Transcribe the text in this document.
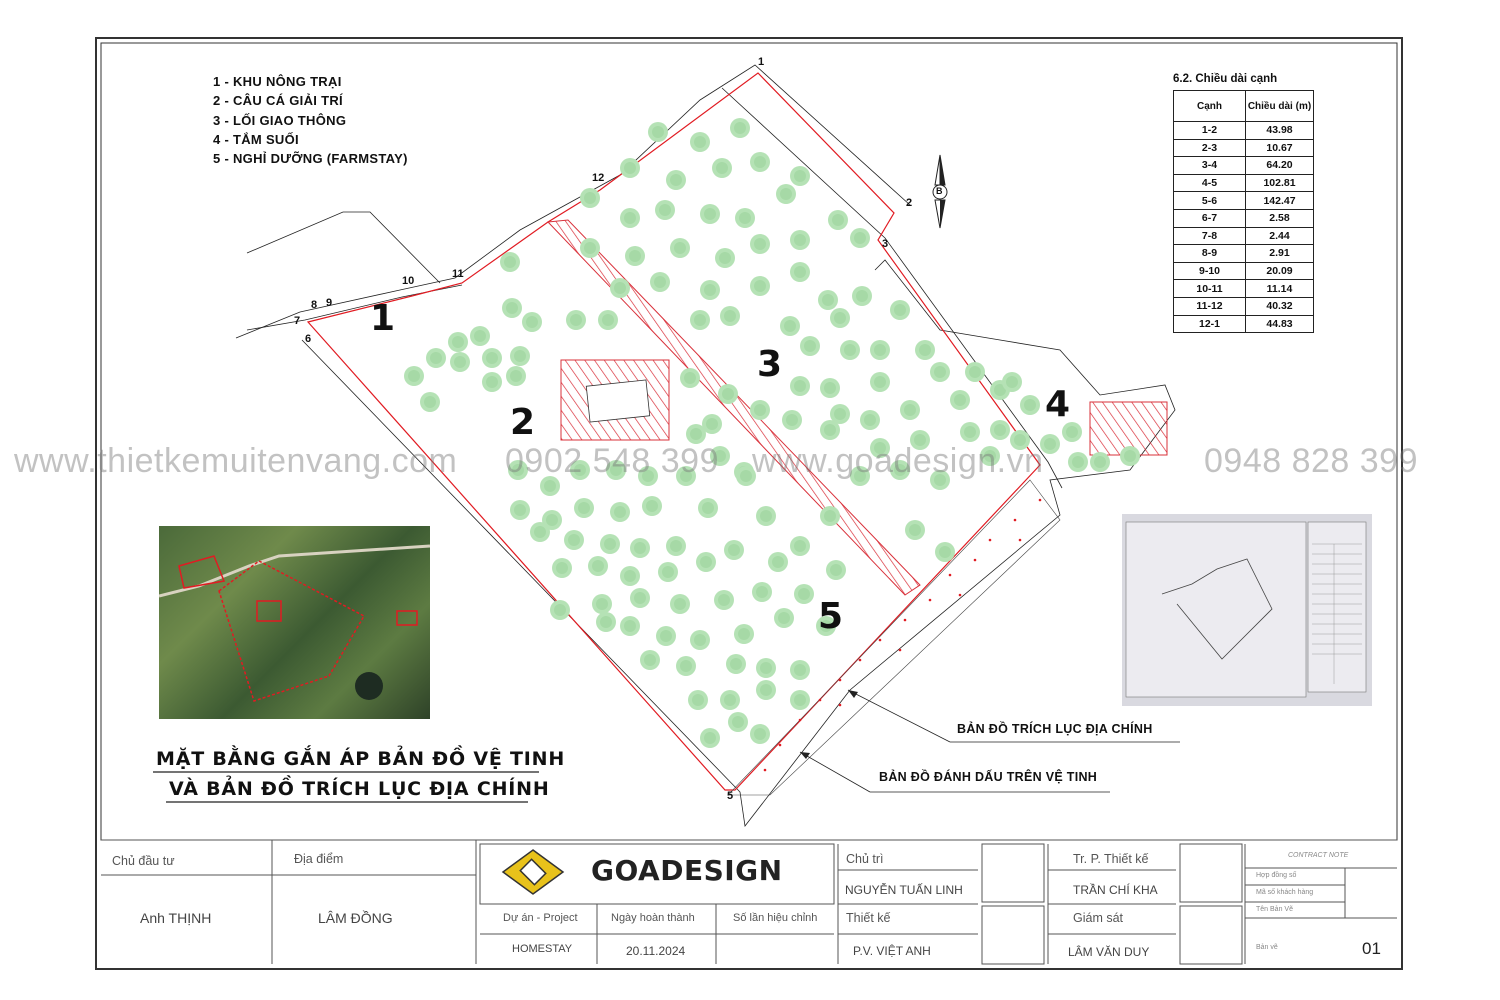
1 - KHU NÔNG TRẠI
2 - CÂU CÁ GIẢI TRÍ
3 - LỐI GIAO THÔNG
4 - TẮM SUỐI
5 - NGHỈ DƯỠNG (FARMSTAY)
1
2
3
4
5
1
2
3
5
6
7
8 9
10
11
12
B
6.2. Chiều dài cạnh
Cạnh	Chiều dài (m)
1-2	43.98
2-3	10.67
3-4	64.20
4-5	102.81
5-6	142.47
6-7	2.58
7-8	2.44
8-9	2.91
9-10	20.09
10-11	11.14
11-12	40.32
12-1	44.83
www.thietkemuitenvang.com 0902 548 399 www.goadesign.vn	0948 828 399
MẶT BẰNG GẮN ÁP BẢN ĐỒ VỆ TINH
VÀ BẢN ĐỒ TRÍCH LỤC ĐỊA CHÍNH
BẢN ĐỒ TRÍCH LỤC ĐỊA CHÍNH
BẢN ĐỒ ĐÁNH DẤU TRÊN VỆ TINH
Chủ đầu tư
Anh THỊNH
Địa điểm
LÂM ĐỒNG
GOADESIGN
Dự án - Project
HOMESTAY
Ngày hoàn thành
20.11.2024
Số lần hiệu chỉnh
Chủ trì
NGUYỄN TUẤN LINH
Thiết kế
P.V. VIỆT ANH
Tr. P. Thiết kế
TRẦN CHÍ KHA
Giám sát
LÂM VĂN DUY
CONTRACT NOTE
Hợp đồng số
Mã số khách hàng
Tên Bản Vẽ
Bản vẽ	01
